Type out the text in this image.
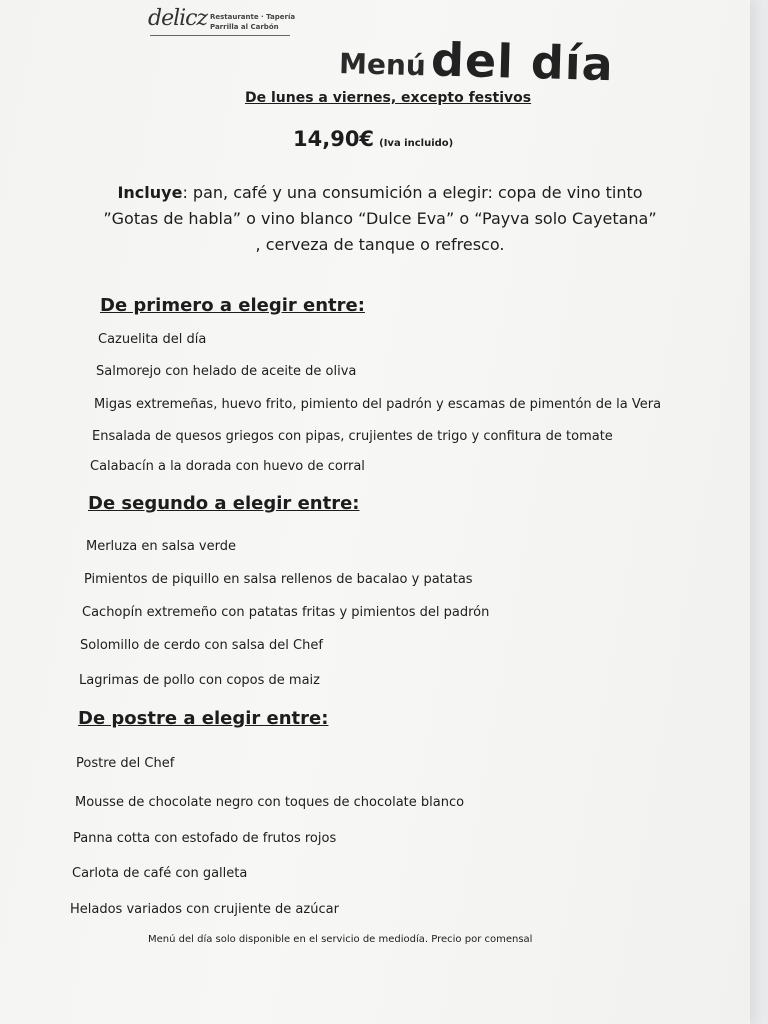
delicz Restaurante · Tapería
Parrilla al Carbón
Menú del día
De lunes a viernes, excepto festivos
14,90€ (Iva incluido)
Incluye: pan, café y una consumición a elegir: copa de vino tinto ”Gotas de habla” o vino blanco “Dulce Eva” o “Payva solo Cayetana” , cerveza de tanque o refresco.
De primero a elegir entre:
Cazuelita del día
Salmorejo con helado de aceite de oliva
Migas extremeñas, huevo frito, pimiento del padrón y escamas de pimentón de la Vera
Ensalada de quesos griegos con pipas, crujientes de trigo y confitura de tomate
Calabacín a la dorada con huevo de corral
De segundo a elegir entre:
Merluza en salsa verde
Pimientos de piquillo en salsa rellenos de bacalao y patatas
Cachopín extremeño con patatas fritas y pimientos del padrón
Solomillo de cerdo con salsa del Chef
Lagrimas de pollo con copos de maiz
De postre a elegir entre:
Postre del Chef
Mousse de chocolate negro con toques de chocolate blanco
Panna cotta con estofado de frutos rojos
Carlota de café con galleta
Helados variados con crujiente de azúcar
Menú del día solo disponible en el servicio de mediodía. Precio por comensal
